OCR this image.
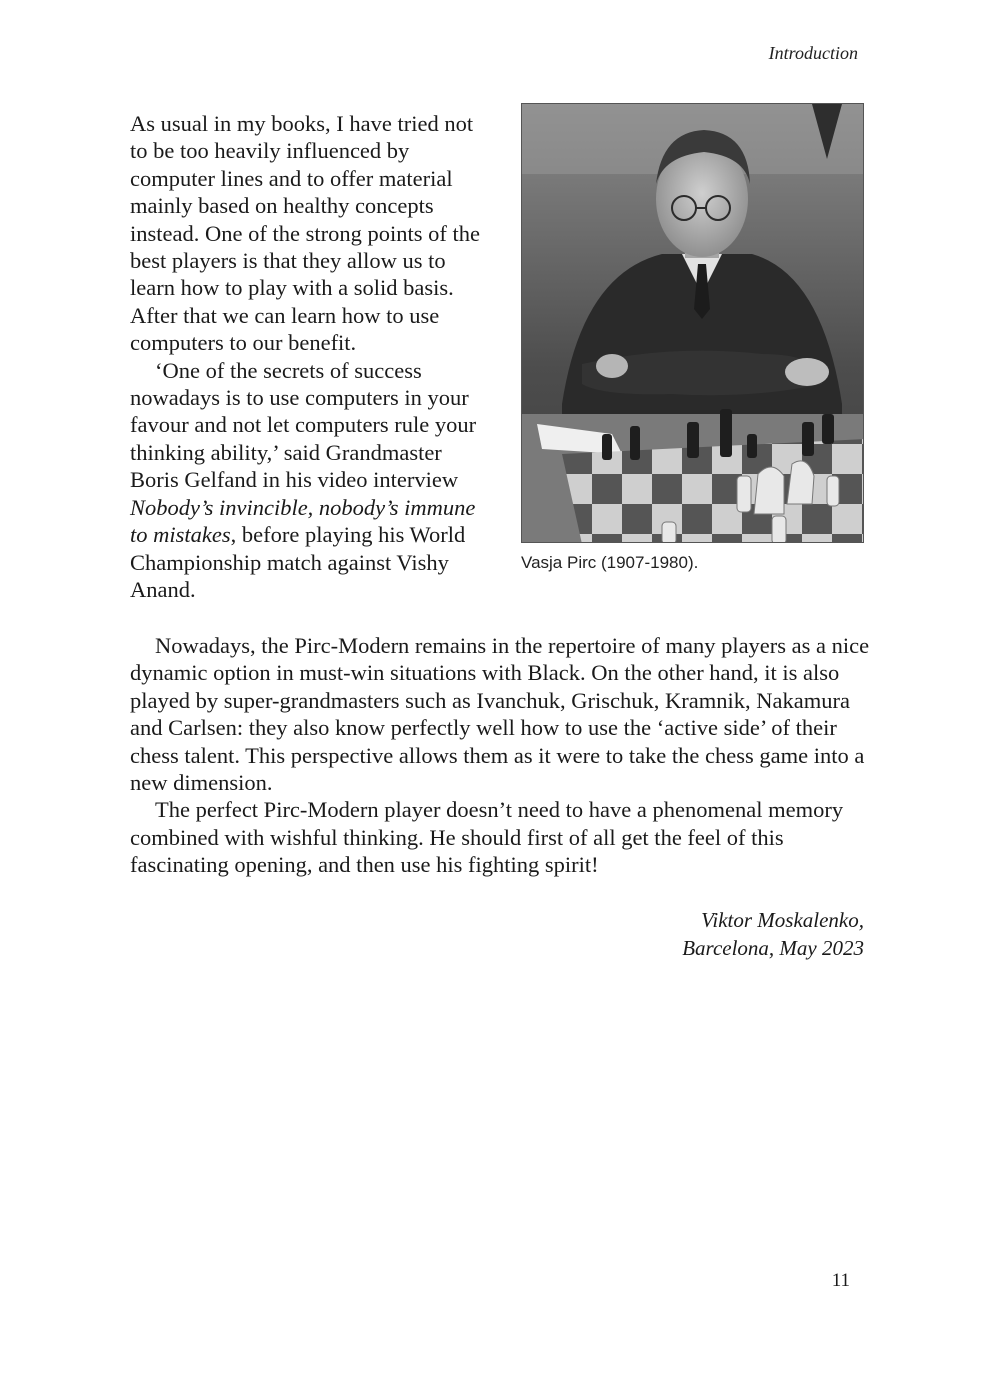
Introduction

As usual in my books, I have tried not to be too heavily influenced by computer lines and to offer material mainly based on healthy concepts instead. One of the strong points of the best players is that they allow us to learn how to play with a solid basis. After that we can learn how to use computers to our benefit.

‘One of the secrets of success nowadays is to use computers in your favour and not let computers rule your thinking ability,’ said Grandmaster Boris Gelfand in his video interview Nobody’s invincible, nobody’s immune to mistakes, before playing his World Championship match against Vishy Anand.

Vasja Pirc (1907-1980).

Nowadays, the Pirc-Modern remains in the repertoire of many players as a nice dynamic option in must-win situations with Black. On the other hand, it is also played by super-grandmasters such as Ivanchuk, Grischuk, Kramnik, Nakamura and Carlsen: they also know perfectly well how to use the ‘active side’ of their chess talent. This perspective allows them as it were to take the chess game into a new dimension.

The perfect Pirc-Modern player doesn’t need to have a phenomenal memory combined with wishful thinking. He should first of all get the feel of this fascinating opening, and then use his fighting spirit!

Viktor Moskalenko,
Barcelona, May 2023
11
